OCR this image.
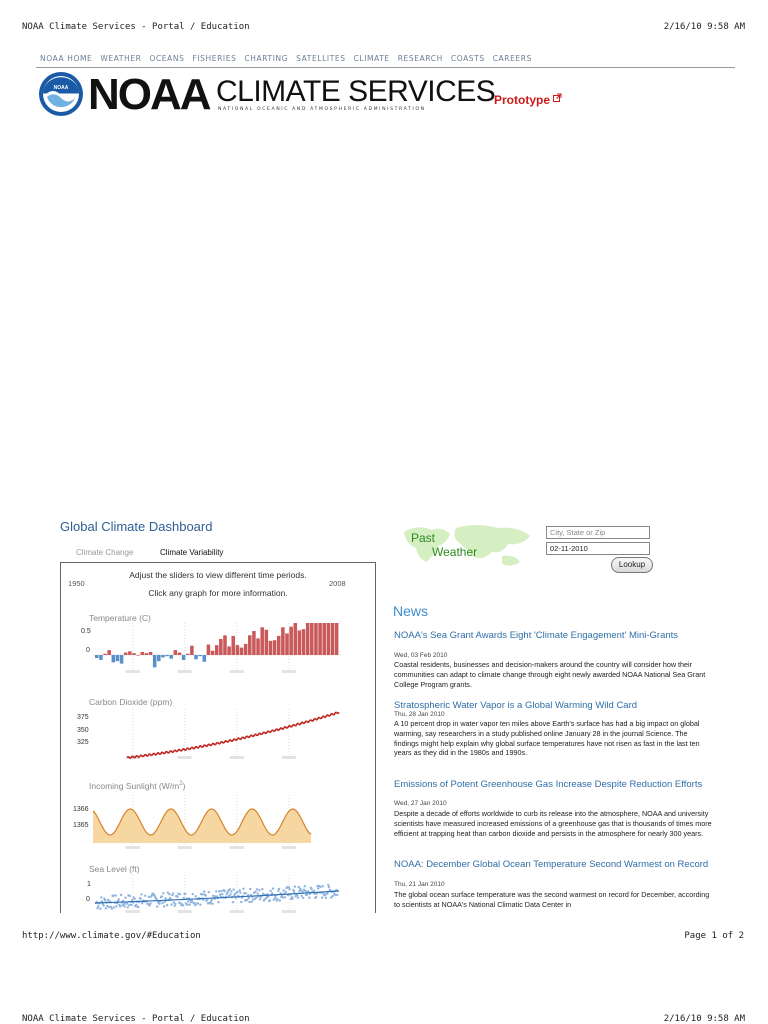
NOAA Climate Services - Portal / Education	2/16/10 9:58 AM
NOAA HOME WEATHER OCEANS FISHERIES CHARTING SATELLITES CLIMATE RESEARCH COASTS CAREERS
NOAA NOAA CLIMATE SERVICES
NATIONAL OCEANIC AND ATMOSPHERIC ADMINISTRATION
Prototype
Global Climate Dashboard
Climate Change	Climate Variability
Adjust the sliders to view different time periods.
Click any graph for more information.
1950	2008
Temperature (C)
0.5
0
Carbon Dioxide (ppm)
375
350
325
Incoming Sunlight $(W/m^2)$
1366
1365
Sea Level (ft)
1
0
Past
Weather
City, State or Zip
02-11-2010
Lookup
News
NOAA's Sea Grant Awards Eight 'Climate Engagement' Mini-Grants
Wed, 03 Feb 2010
Coastal residents, businesses and decision-makers around the country will consider how their communities can adapt to climate change through eight newly awarded NOAA National Sea Grant College Program grants.
Stratospheric Water Vapor is a Global Warming Wild Card
Thu, 28 Jan 2010
A 10 percent drop in water vapor ten miles above Earth's surface has had a big impact on global warming, say researchers in a study published online January 28 in the journal Science. The findings might help explain why global surface temperatures have not risen as fast in the last ten years as they did in the 1980s and 1990s.
Emissions of Potent Greenhouse Gas Increase Despite Reduction Efforts
Wed, 27 Jan 2010
Despite a decade of efforts worldwide to curb its release into the atmosphere, NOAA and university scientists have measured increased emissions of a greenhouse gas that is thousands of times more efficient at trapping heat than carbon dioxide and persists in the atmosphere for nearly 300 years.
NOAA: December Global Ocean Temperature Second Warmest on Record
Thu, 21 Jan 2010
The global ocean surface temperature was the second warmest on record for December, according to scientists at NOAA's National Climatic Data Center in
http://www.climate.gov/#Education	Page 1 of 2
NOAA Climate Services - Portal / Education	2/16/10 9:58 AM
